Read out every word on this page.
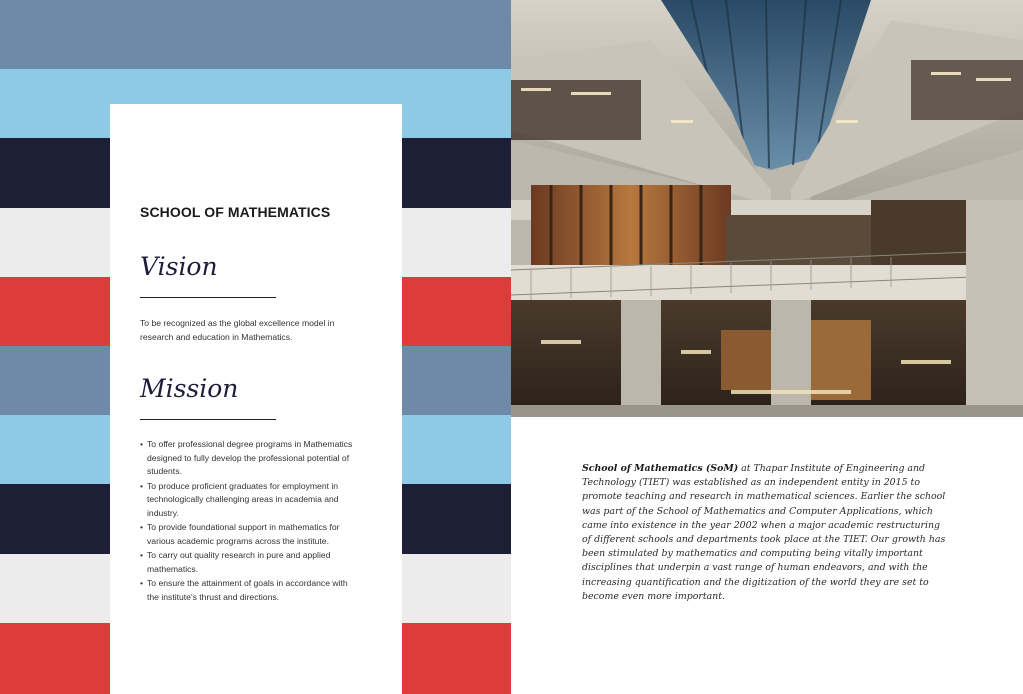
SCHOOL OF MATHEMATICS
Vision
To be recognized as the global excellence model in research and education in Mathematics.
Mission
• To offer professional degree programs in Mathematics designed to fully develop the professional potential of students.
• To produce proficient graduates for employment in technologically challenging areas in academia and industry.
• To provide foundational support in mathematics for various academic programs across the institute.
• To carry out quality research in pure and applied mathematics.
• To ensure the attainment of goals in accordance with the institute's thrust and directions.
School of Mathematics (SoM) at Thapar Institute of Engineering and Technology (TIET) was established as an independent entity in 2015 to promote teaching and research in mathematical sciences. Earlier the school was part of the School of Mathematics and Computer Applications, which came into existence in the year 2002 when a major academic restructuring of different schools and departments took place at the TIET. Our growth has been stimulated by mathematics and computing being vitally important disciplines that underpin a vast range of human endeavors, and with the increasing quantification and the digitization of the world they are set to become even more important.
